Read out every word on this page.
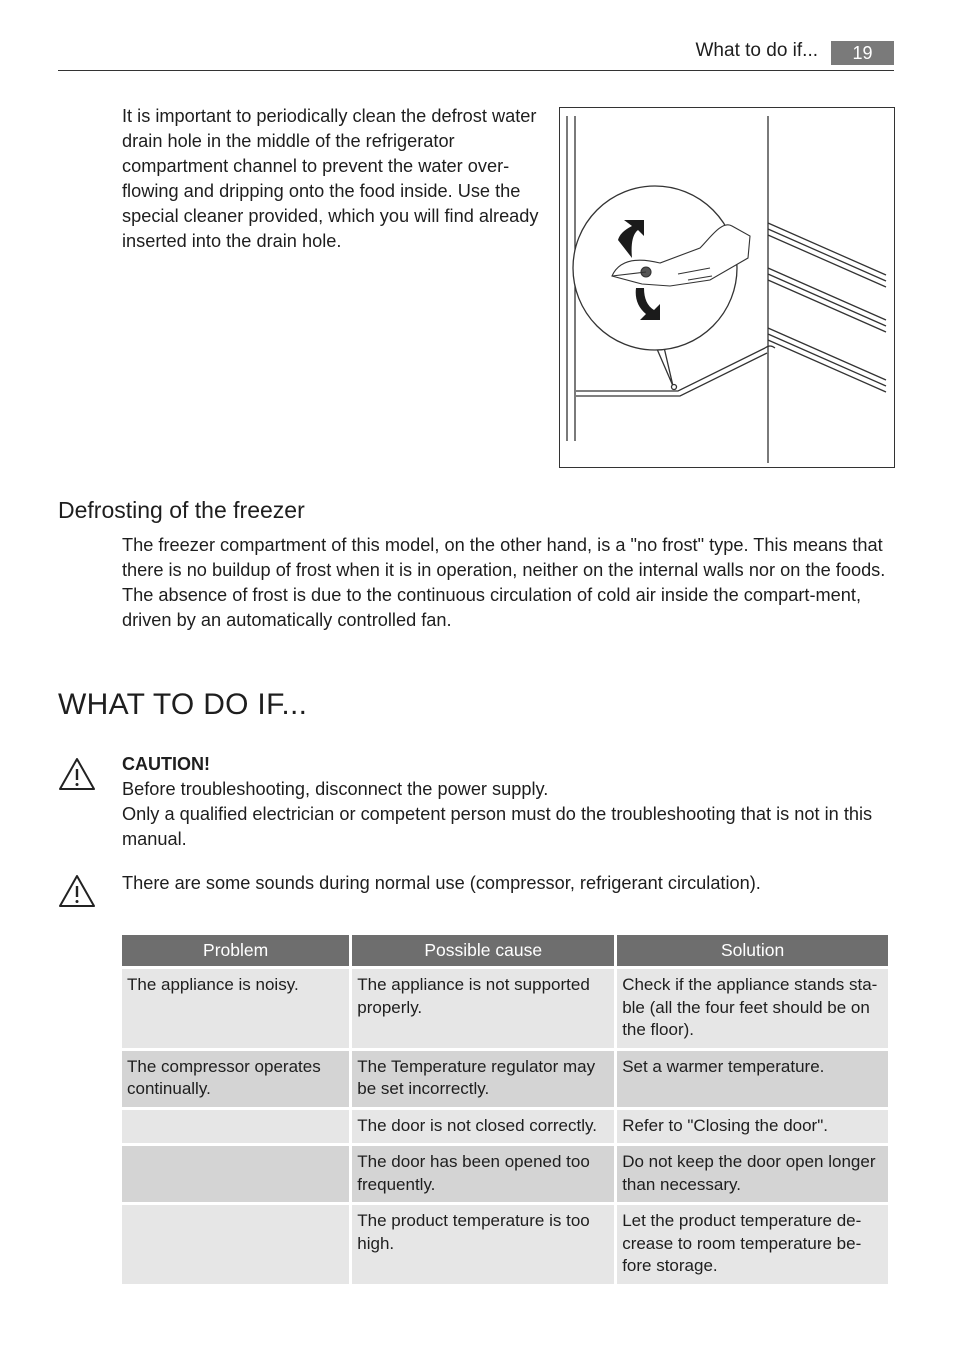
What to do if...	19
It is important to periodically clean the defrost water drain hole in the middle of the refrigerator compartment channel to prevent the water over-flowing and dripping onto the food inside. Use the special cleaner provided, which you will find already inserted into the drain hole.
Defrosting of the freezer
The freezer compartment of this model, on the other hand, is a "no frost" type. This means that there is no buildup of frost when it is in operation, neither on the internal walls nor on the foods.
The absence of frost is due to the continuous circulation of cold air inside the compart-ment, driven by an automatically controlled fan.
WHAT TO DO IF...
CAUTION!
Before troubleshooting, disconnect the power supply.
Only a qualified electrician or competent person must do the troubleshooting that is not in this manual.
There are some sounds during normal use (compressor, refrigerant circulation).
Problem	Possible cause	Solution
The appliance is noisy.	The appliance is not supported properly.	Check if the appliance stands sta-ble (all the four feet should be on the floor).
The compressor operates continually.	The Temperature regulator may be set incorrectly.	Set a warmer temperature.
	The door is not closed correctly.	Refer to "Closing the door".
	The door has been opened too frequently.	Do not keep the door open longer than necessary.
	The product temperature is too high.	Let the product temperature de-crease to room temperature be-fore storage.
